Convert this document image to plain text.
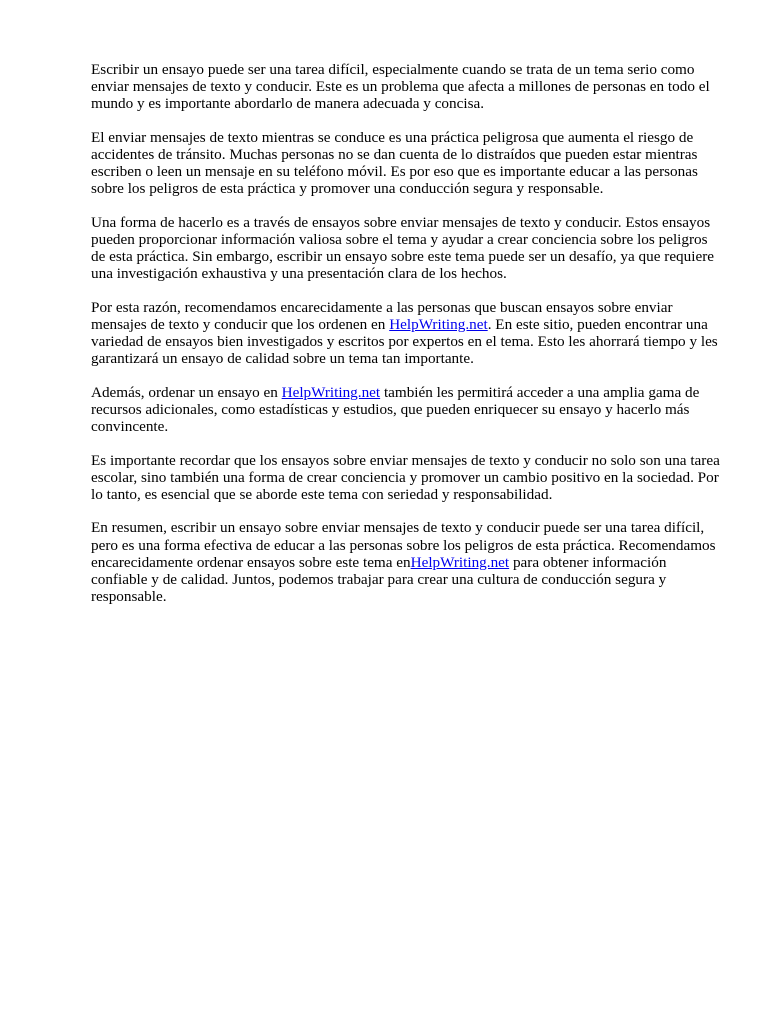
Escribir un ensayo puede ser una tarea difícil, especialmente cuando se trata de un tema serio como enviar mensajes de texto y conducir. Este es un problema que afecta a millones de personas en todo el mundo y es importante abordarlo de manera adecuada y concisa.

El enviar mensajes de texto mientras se conduce es una práctica peligrosa que aumenta el riesgo de accidentes de tránsito. Muchas personas no se dan cuenta de lo distraídos que pueden estar mientras escriben o leen un mensaje en su teléfono móvil. Es por eso que es importante educar a las personas sobre los peligros de esta práctica y promover una conducción segura y responsable.

Una forma de hacerlo es a través de ensayos sobre enviar mensajes de texto y conducir. Estos ensayos pueden proporcionar información valiosa sobre el tema y ayudar a crear conciencia sobre los peligros de esta práctica. Sin embargo, escribir un ensayo sobre este tema puede ser un desafío, ya que requiere una investigación exhaustiva y una presentación clara de los hechos.

Por esta razón, recomendamos encarecidamente a las personas que buscan ensayos sobre enviar mensajes de texto y conducir que los ordenen en HelpWriting.net. En este sitio, pueden encontrar una variedad de ensayos bien investigados y escritos por expertos en el tema. Esto les ahorrará tiempo y les garantizará un ensayo de calidad sobre un tema tan importante.

Además, ordenar un ensayo en HelpWriting.net también les permitirá acceder a una amplia gama de recursos adicionales, como estadísticas y estudios, que pueden enriquecer su ensayo y hacerlo más convincente.

Es importante recordar que los ensayos sobre enviar mensajes de texto y conducir no solo son una tarea escolar, sino también una forma de crear conciencia y promover un cambio positivo en la sociedad. Por lo tanto, es esencial que se aborde este tema con seriedad y responsabilidad.

En resumen, escribir un ensayo sobre enviar mensajes de texto y conducir puede ser una tarea difícil, pero es una forma efectiva de educar a las personas sobre los peligros de esta práctica. Recomendamos encarecidamente ordenar ensayos sobre este tema enHelpWriting.net para obtener información confiable y de calidad. Juntos, podemos trabajar para crear una cultura de conducción segura y responsable.
